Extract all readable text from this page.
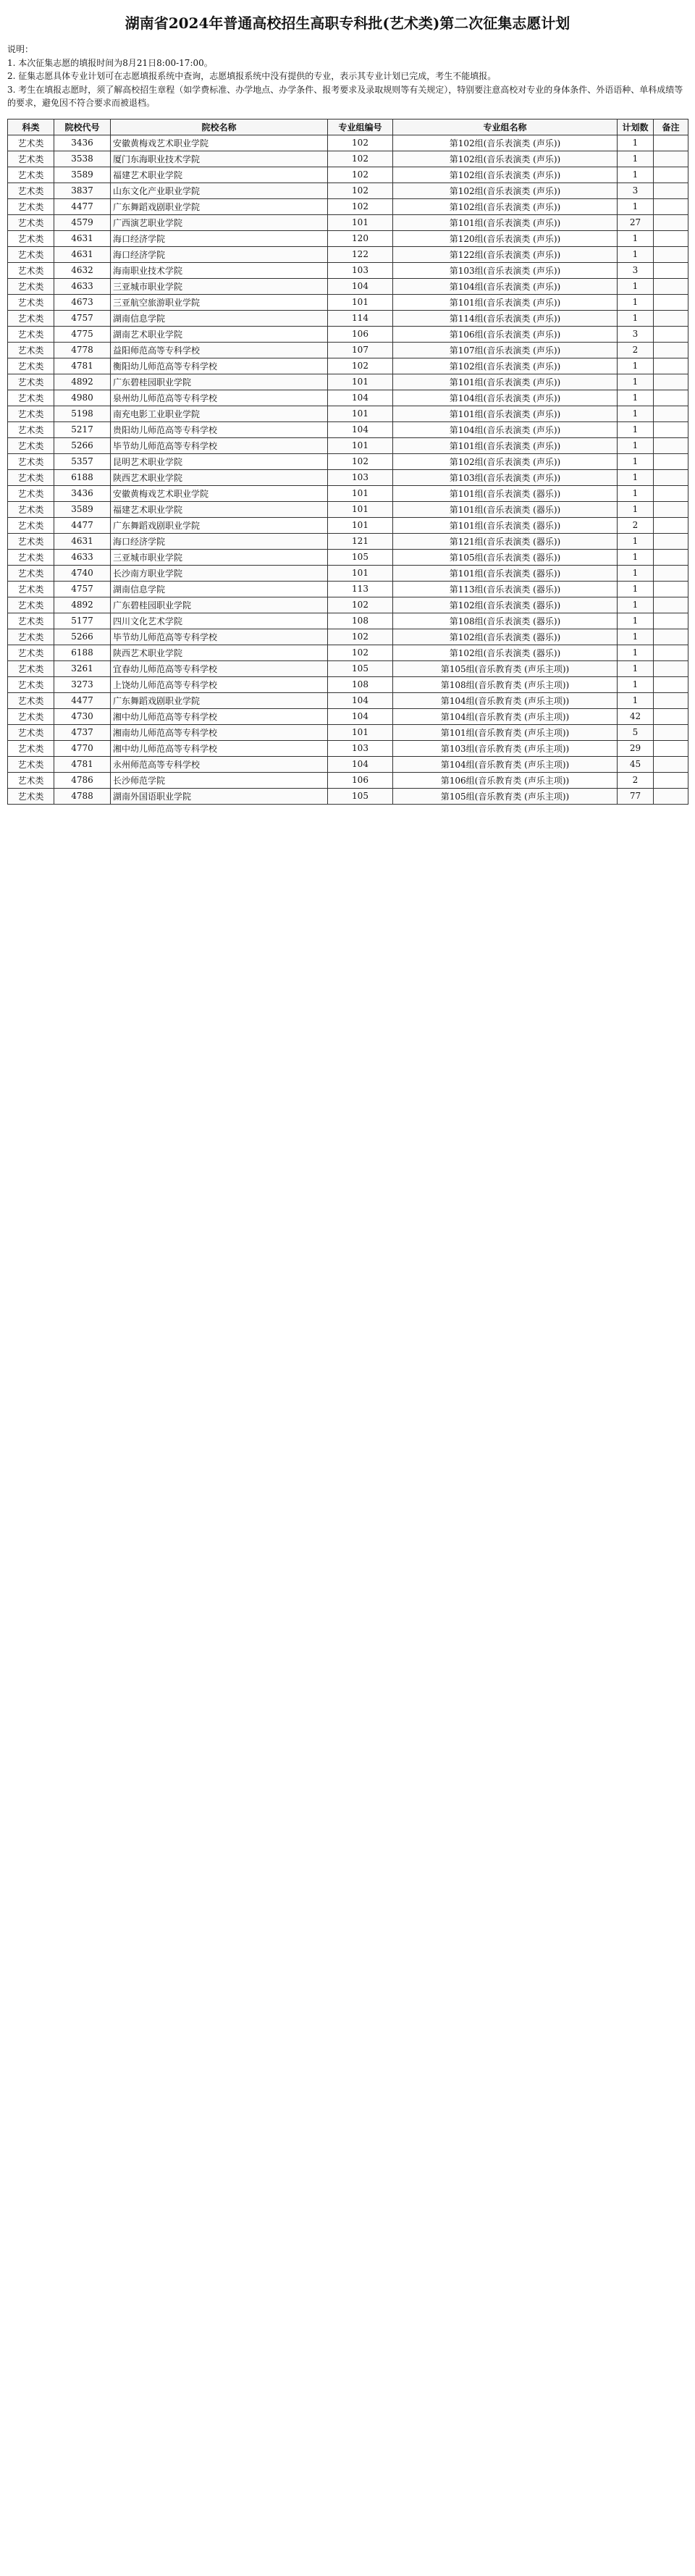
湖南省2024年普通高校招生高职专科批(艺术类)第二次征集志愿计划
说明：
1. 本次征集志愿的填报时间为8月21日8:00-17:00。
2. 征集志愿具体专业计划可在志愿填报系统中查询，志愿填报系统中没有提供的专业，表示其专业计划已完成，考生不能填报。
3. 考生在填报志愿时，须了解高校招生章程（如学费标准、办学地点、办学条件、报考要求及录取规则等有关规定），特别要注意高校对专业的身体条件、外语语种、单科成绩等的要求，避免因不符合要求而被退档。
科类	院校代号	院校名称	专业组编号	专业组名称	计划数	备注
艺术类	3436	安徽黄梅戏艺术职业学院	102	第102组(音乐表演类 (声乐))	1	
艺术类	3538	厦门东海职业技术学院	102	第102组(音乐表演类 (声乐))	1	
艺术类	3589	福建艺术职业学院	102	第102组(音乐表演类 (声乐))	1	
艺术类	3837	山东文化产业职业学院	102	第102组(音乐表演类 (声乐))	3	
艺术类	4477	广东舞蹈戏剧职业学院	102	第102组(音乐表演类 (声乐))	1	
艺术类	4579	广西演艺职业学院	101	第101组(音乐表演类 (声乐))	27	
艺术类	4631	海口经济学院	120	第120组(音乐表演类 (声乐))	1	
艺术类	4631	海口经济学院	122	第122组(音乐表演类 (声乐))	1	
艺术类	4632	海南职业技术学院	103	第103组(音乐表演类 (声乐))	3	
艺术类	4633	三亚城市职业学院	104	第104组(音乐表演类 (声乐))	1	
艺术类	4673	三亚航空旅游职业学院	101	第101组(音乐表演类 (声乐))	1	
艺术类	4757	湖南信息学院	114	第114组(音乐表演类 (声乐))	1	
艺术类	4775	湖南艺术职业学院	106	第106组(音乐表演类 (声乐))	3	
艺术类	4778	益阳师范高等专科学校	107	第107组(音乐表演类 (声乐))	2	
艺术类	4781	衡阳幼儿师范高等专科学校	102	第102组(音乐表演类 (声乐))	1	
艺术类	4892	广东碧桂园职业学院	101	第101组(音乐表演类 (声乐))	1	
艺术类	4980	泉州幼儿师范高等专科学校	104	第104组(音乐表演类 (声乐))	1	
艺术类	5198	南充电影工业职业学院	101	第101组(音乐表演类 (声乐))	1	
艺术类	5217	贵阳幼儿师范高等专科学校	104	第104组(音乐表演类 (声乐))	1	
艺术类	5266	毕节幼儿师范高等专科学校	101	第101组(音乐表演类 (声乐))	1	
艺术类	5357	昆明艺术职业学院	102	第102组(音乐表演类 (声乐))	1	
艺术类	6188	陕西艺术职业学院	103	第103组(音乐表演类 (声乐))	1	
艺术类	3436	安徽黄梅戏艺术职业学院	101	第101组(音乐表演类 (器乐))	1	
艺术类	3589	福建艺术职业学院	101	第101组(音乐表演类 (器乐))	1	
艺术类	4477	广东舞蹈戏剧职业学院	101	第101组(音乐表演类 (器乐))	2	
艺术类	4631	海口经济学院	121	第121组(音乐表演类 (器乐))	1	
艺术类	4633	三亚城市职业学院	105	第105组(音乐表演类 (器乐))	1	
艺术类	4740	长沙南方职业学院	101	第101组(音乐表演类 (器乐))	1	
艺术类	4757	湖南信息学院	113	第113组(音乐表演类 (器乐))	1	
艺术类	4892	广东碧桂园职业学院	102	第102组(音乐表演类 (器乐))	1	
艺术类	5177	四川文化艺术学院	108	第108组(音乐表演类 (器乐))	1	
艺术类	5266	毕节幼儿师范高等专科学校	102	第102组(音乐表演类 (器乐))	1	
艺术类	6188	陕西艺术职业学院	102	第102组(音乐表演类 (器乐))	1	
艺术类	3261	宜春幼儿师范高等专科学校	105	第105组(音乐教育类 (声乐主项))	1	
艺术类	3273	上饶幼儿师范高等专科学校	108	第108组(音乐教育类 (声乐主项))	1	
艺术类	4477	广东舞蹈戏剧职业学院	104	第104组(音乐教育类 (声乐主项))	1	
艺术类	4730	湘中幼儿师范高等专科学校	104	第104组(音乐教育类 (声乐主项))	42	
艺术类	4737	湘南幼儿师范高等专科学校	101	第101组(音乐教育类 (声乐主项))	5	
艺术类	4770	湘中幼儿师范高等专科学校	103	第103组(音乐教育类 (声乐主项))	29	
艺术类	4781	永州师范高等专科学校	104	第104组(音乐教育类 (声乐主项))	45	
艺术类	4786	长沙师范学院	106	第106组(音乐教育类 (声乐主项))	2	
艺术类	4788	湖南外国语职业学院	105	第105组(音乐教育类 (声乐主项))	77	
